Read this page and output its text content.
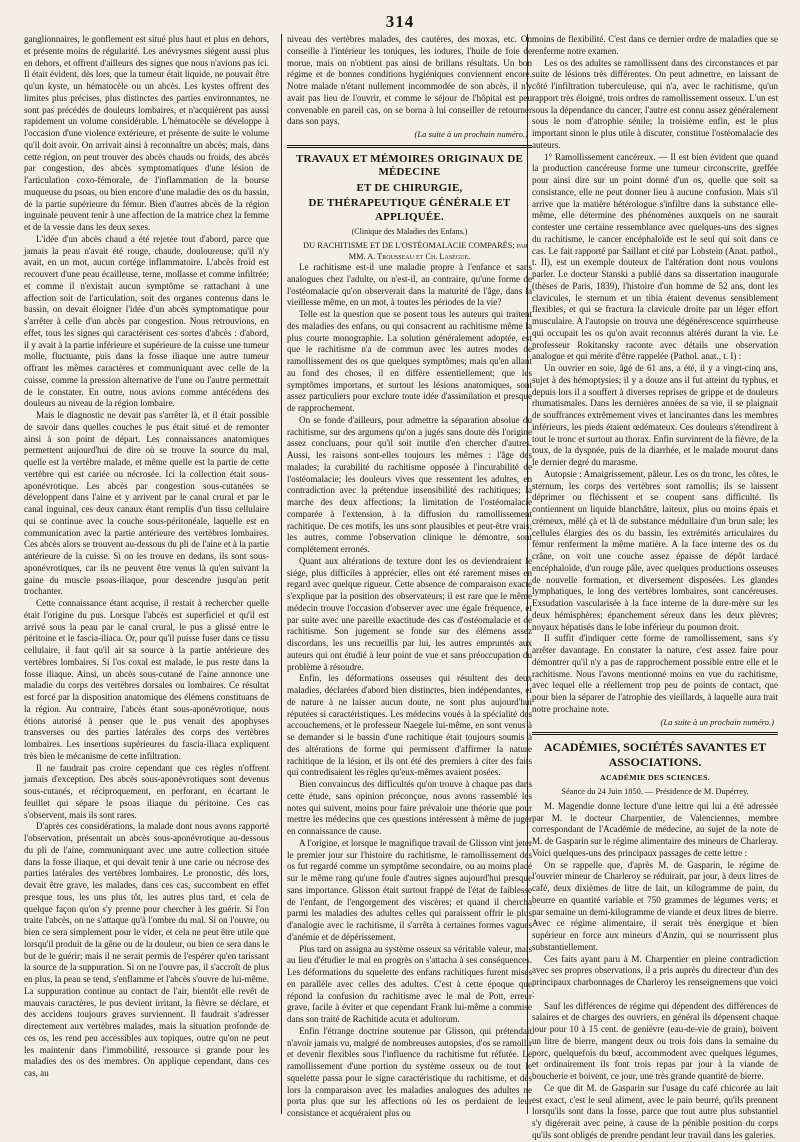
314

ganglionnaires, le gonflement est situé plus haut et plus en dehors, et présente moins de régularité. Les anévrysmes siégent aussi plus en dehors, et offrent d'ailleurs des signes que nous n'avions pas ici. Il était évident, dès lors, que la tumeur était liquide, ne pouvait être qu'un kyste, un hématocèle ou un abcès. Les kystes offrent des limites plus précises, plus distinctes des parties environnantes, ne sont pas précédés de douleurs lombaires, et n'acquièrent pas aussi rapidement un volume considérable. L'hématocèle se développe à l'occasion d'une violence extérieure, et présente de suite le volume qu'il doit avoir. On arrivait ainsi à reconnaître un abcès; mais, dans cette région, on peut trouver des abcès chauds ou froids, des abcès par congestion, des abcès symptomatiques d'une lésion de l'articulation coxo-fémorale, de l'inflammation de la bourse muqueuse du psoas, ou bien encore d'une maladie des os du bassin, de la partie supérieure du fémur. Bien d'autres abcès de la région inguinale peuvent tenir à une affection de la matrice chez la femme et de la vessie dans les deux sexes.

L'idée d'un abcès chaud a été rejetée tout d'abord, parce que jamais la peau n'avait été rouge, chaude, douloureuse; qu'il n'y avait, en un mot, aucun cortége inflammatoire. L'abcès froid est recouvert d'une peau écailleuse, terne, mollasse et comme infiltrée; et comme il n'existait aucun symptôme se rattachant à une affection soit de l'articulation, soit des organes contenus dans le bassin, on devait éloigner l'idée d'un abcès symptomatique pour s'arrêter à celle d'un abcès par congestion. Nous retrouvions, en effet, tous les signes qui caractérisent ces sortes d'abcès : d'abord, il y avait à la partie inférieure et supérieure de la cuisse une tumeur molle, fluctuante, puis dans la fosse iliaque une autre tumeur offrant les mêmes caractères et communiquant avec celle de la cuisse, comme la pression alternative de l'une ou l'autre permettait de le constater. En outre, nous avions comme antécédens des douleurs au niveau de la région lombaire.

Mais le diagnostic ne devait pas s'arrêter là, et il était possible de savoir dans quelles couches le pus était situé et de remonter ainsi à son point de départ. Les connaissances anatomiques permettent aujourd'hui de dire où se trouve la source du mal, quelle est la vertèbre malade, et même quelle est la partie de cette vertèbre qui est cariée ou nécrosée. Ici la collection était sous-aponévrotique. Les abcès par congestion sous-cutanées se développent dans l'aine et y arrivent par le canal crural et par le canal inguinal, ces deux canaux étant remplis d'un tissu cellulaire qui se continue avec la couche sous-péritonéale, laquelle est en communication avec la partie antérieure des vertèbres lombaires. Ces abcès alors se trouvent au-dessous du pli de l'aine et à la partie antérieure de la cuisse. Si on les trouve en dedans, ils sont sous-aponévrotiques, car ils ne peuvent être venus là qu'en suivant la gaine du muscle psoas-iliaque, pour descendre jusqu'au petit trochanter.

Cette connaissance étant acquise, il restait à rechercher quelle était l'origine du pus. Lorsque l'abcès est superficiel et qu'il est arrivé sous la peau par le canal crural, le pus a glissé entre le péritoine et le fascia-iliaca. Or, pour qu'il puisse fuser dans ce tissu cellulaire, il faut qu'il ait sa source à la partie antérieure des vertèbres lombaires. Si l'os coxal est malade, le pus reste dans la fosse iliaque. Ainsi, un abcès sous-cutané de l'aine annonce une maladie du corps des vertèbres dorsales ou lombaires. Ce résultat est forcé par la disposition anatomique des élémens constituans de la région. Au contraire, l'abcès étant sous-aponévrotique, nous étions autorisé à penser que le pus venait des apophyses transverses ou des parties latérales des corps des vertèbres lombaires. Les insertions supérieures du fascia-iliaca expliquent très bien le mécanisme de cette infiltration.

Il ne faudrait pas croire cependant que ces règles n'offrent jamais d'exception. Des abcès sous-aponévrotiques sont devenus sous-cutanés, et réciproquement, en perforant, en écartant le feuillet qui sépare le psoas iliaque du péritoine. Ces cas s'observent, mais ils sont rares.

D'après ces considérations, la malade dont nous avons rapporté l'observation, présentait un abcès sous-aponévrotique au-dessous du pli de l'aine, communiquant avec une autre collection située dans la fosse iliaque, et qui devait tenir à une carie ou nécrose des parties latérales des vertèbres lombaires. Le pronostic, dès lors, devait être grave, les malades, dans ces cas, succombent en effet presque tous, les uns plus tôt, les autres plus tard, et cela de quelque façon qu'on s'y prenne pour chercher à les guérir. Si l'on traite l'abcès, on ne s'attaque qu'à l'ombre du mal. Si on l'ouvre, ou bien ce sera simplement pour le vider, et cela ne peut être utile que lorsqu'il produit de la gêne ou de la douleur, ou bien ce sera dans le but de le guérir; mais il ne serait permis de l'espérer qu'en tarissant la source de la suppuration. Si on ne l'ouvre pas, il s'accroît de plus en plus, la peau se tend, s'enflamme et l'abcès s'ouvre de lui-même. La suppuration continue au contact de l'air, bientôt elle revêt de mauvais caractères, le pus devient irritant, la fièvre se déclare, et des accidens toujours graves surviennent. Il faudrait s'adresser directement aux vertèbres malades, mais la situation profonde de ces os, les rend peu accessibles aux topiques, outre qu'on ne peut les maintenir dans l'immobilité, ressource si grande pour les maladies des os des membres. On applique cependant, dans ces cas, au

niveau des vertèbres malades, des cautères, des moxas, etc. On conseille à l'intérieur les toniques, les iodures, l'huile de foie de morue, mais on n'obtient pas ainsi de brillans résultats. Un bon régime et de bonnes conditions hygiéniques conviennent encore. Notre malade n'étant nullement incommodée de son abcès, il n'y avait pas lieu de l'ouvrir, et comme le séjour de l'hôpital est peu convenable en pareil cas, on se borna à lui conseiller de retourner dans son pays.

(La suite à un prochain numéro.)
TRAVAUX ET MÉMOIRES ORIGINAUX DE MÉDECINE
ET DE CHIRURGIE,
DE THÉRAPEUTIQUE GÉNÉRALE ET APPLIQUÉE.
(Clinique des Maladies des Enfans.)

DU RACHITISME ET DE L'OSTÉOMALACIE COMPARÉS; par MM. A. Trousseau et Ch. Lasègue.

Le rachitisme est-il une maladie propre à l'enfance et sans analogues chez l'adulte, ou n'est-il, au contraire, qu'une forme de l'ostéomalacie qu'on observerait dans la maturité de l'âge, dans la vieillesse même, en un mot, à toutes les périodes de la vie?

Telle est la question que se posent tous les auteurs qui traitent des maladies des enfans, ou qui consacrent au rachitisme même la plus courte monographie. La solution généralement adoptée, est que le rachitisme n'a de commun avec les autres modes de ramollissement des os que quelques symptômes; mais qu'en allant au fond des choses, il en diffère essentiellement; que les symptômes importans, et surtout les lésions anatomiques, sont assez particuliers pour exclure toute idée d'assimilation et presque de rapprochement.

On se fonde d'ailleurs, pour admettre la séparation absolue du rachitisme, sur des argumens qu'on a jugés sans doute dès l'origine assez concluans, pour qu'il soit inutile d'en chercher d'autres. Aussi, les raisons sont-elles toujours les mêmes : l'âge des malades; la curabilité du rachitisme opposée à l'incurabilité de l'ostéomalacie; les douleurs vives que ressentent les adultes, en contradiction avec la prétendue insensibilité des rachitiques; la marche des deux affections; la limitation de l'ostéomalacie comparée à l'extension, à la diffusion du ramollissement rachitique. De ces motifs, les uns sont plausibles et peut-être vrais; les autres, comme l'observation clinique le démontre, sont complétement erronés.

Quant aux altérations de texture dont les os deviendraient le siége, plus difficiles à apprécier, elles ont été rarement mises en regard avec quelque rigueur. Cette absence de comparaison exacte s'explique par la position des observateurs; il est rare que le même médecin trouve l'occasion d'observer avec une égale fréquence, et par suite avec une pareille exactitude des cas d'ostéomalacie et de rachitisme. Son jugement se fonde sur des élémens assez discordans, les uns recueillis par lui, les autres empruntés aux auteurs qui ont étudié à leur point de vue et sans préoccupation du problème à résoudre.

Enfin, les déformations osseuses qui résultent des deux maladies, déclarées d'abord bien distinctes, bien indépendantes, et de nature à ne laisser aucun doute, ne sont plus aujourd'hui réputées si caractéristiques. Les médecins voués à la spécialité des accouchemens, et le professeur Naegele lui-même, en sont venus à se demander si le bassin d'une rachitique était toujours soumis à des altérations de forme qui permissent d'affirmer la nature rachitique de la lésion, et ils ont été des premiers à citer des faits qui contredisaient les règles qu'eux-mêmes avaient posées.

Bien convaincus des difficultés qu'on trouve à chaque pas dans cette étude, sans opinion préconçue, nous avons rassemblé les notes qui suivent, moins pour faire prévaloir une théorie que pour mettre les médecins que ces questions intéressent à même de juger en connaissance de cause.

A l'origine, et lorsque le magnifique travail de Glisson vint jeter le premier jour sur l'histoire du rachitisme, le ramollissement des os fut regardé comme un symptôme secondaire, ou au moins placé sur le même rang qu'une foule d'autres signes aujourd'hui presque sans importance. Glisson était surtout frappé de l'état de faiblesse de l'enfant, de l'engorgement des viscères; et quand il chercha parmi les maladies des adultes celles qui paraissent offrir le plus d'analogie avec le rachitisme, il s'arrêta à certaines formes vagues d'anémie et de dépérissement.

Plus tard on assigna au système osseux sa véritable valeur, mais au lieu d'étudier le mal en progrès on s'attacha à ses conséquences. Les déformations du squelette des enfans rachitiques furent mises en parallèle avec celles des adultes. C'est à cette époque que répond la confusion du rachitisme avec le mal de Pott, erreur grave, facile à éviter et que cependant Frank lui-même a commise dans son traité de Rachitide acuta et adultorum.

Enfin l'étrange doctrine soutenue par Glisson, qui prétendait n'avoir jamais vu, malgré de nombreuses autopsies, d'os se ramollir et devenir flexibles sous l'influence du rachitisme fut réfutée. Le ramollissement d'une portion du système osseux ou de tout le squelette passa pour le signe caractéristique du rachitisme, et dès lors la comparaison avec les maladies analogues des adultes ne porta plus que sur les affections où les os perdaient de leur consistance et acquéraient plus ou

moins de flexibilité. C'est dans ce dernier ordre de maladies que se renferme notre examen.

Les os des adultes se ramollissent dans des circonstances et par suite de lésions très différentes. On peut admettre, en laissant de côté l'infiltration tuberculeuse, qui n'a, avec le rachitisme, qu'un rapport très éloigné, trois ordres de ramollissement osseux. L'un est sous la dépendance du cancer, l'autre est connu assez généralement sous le nom d'atrophie sénile; la troisième enfin, est le plus important sinon le plus utile à discuter, constitue l'ostéomalacie des auteurs.

1° Ramollissement cancéreux. — Il est bien évident que quand la production cancéreuse forme une tumeur circonscrite, greffée pour ainsi dire sur un point donné d'un os, quelle que soit sa consistance, elle ne peut donner lieu à aucune confusion. Mais s'il arrive que la matière hétérologue s'infiltre dans la substance elle-même, elle détermine des phénomènes auxquels on ne saurait contester une certaine ressemblance avec quelques-uns des signes du rachitisme, le cancer encéphaloïde est le seul qui soit dans ce cas. Le fait rapporté par Saillant et cité par Lobstein (Anat. pathol., t. II), est un exemple douteux de l'altération dont nous voulons parler. Le docteur Stanski a publié dans sa dissertation inaugurale (thèses de Paris, 1839), l'histoire d'un homme de 52 ans, dont les clavicules, le sternum et un tibia étaient devenus sensiblement flexibles, et qui se fractura la clavicule droite par un léger effort musculaire. A l'autopsie on trouva une dégénérescence squirrheuse qui occupait les os qu'on avait reconnus altérés durant la vie. Le professeur Rokitansky raconte avec détails une observation analogue et qui mérite d'être rappelée (Pathol. anat., t. I) :

Un ouvrier en soie, âgé de 61 ans, a été, il y a vingt-cinq ans, sujet à des hémoptysies; il y a douze ans il fut atteint du typhus, et depuis lors il a souffert à diverses reprises de grippe et de douleurs rhumatismales. Dans les dernières années de sa vie, il se plaignait de souffrances extrêmement vives et lancinantes dans les membres inférieurs, les pieds étaient œdémateux. Ces douleurs s'étendirent à tout le tronc et surtout au thorax. Enfin survinrent de la fièvre, de la toux, de la dyspnée, puis de la diarrhée, et le malade mourut dans le dernier degré du marasme.

Autopsie : Amaigrissement, pâleur. Les os du tronc, les côtes, le sternum, les corps des vertèbres sont ramollis; ils se laissent déprimer ou fléchissent et se coupent sans difficulté. Ils contiennent un liquide blanchâtre, laiteux, plus ou moins épais et crémeux, mêlé çà et là de substance médullaire d'un brun sale; les cellules élargies des os du bassin, les extrémités articulaires du fémur renferment la même matière. A la face interne des os du crâne, on voit une couche assez épaisse de dépôt lardacé encéphaloïde, d'un rouge pâle, avec quelques productions osseuses de nouvelle formation, et diversement disposées. Les glandes lymphatiques, le long des vertèbres lombaires, sont cancéreuses. Exsudation vascularisée à la face interne de la dure-mère sur les deux hémisphères; épanchement séreux dans les deux plèvres; noyaux hépatisés dans le lobe inférieur du poumon droit.

Il suffit d'indiquer cette forme de ramollissement, sans s'y arrêter davantage. En constater la nature, c'est assez faire pour démontrer qu'il n'y a pas de rapprochement possible entre elle et le rachitisme. Nous l'avons mentionné moins en vue du rachitisme, avec lequel elle a réellement trop peu de points de contact, que pour bien la séparer de l'atrophie des vieillards, à laquelle aura trait notre prochaine note.

(La suite à un prochain numéro.)
ACADÉMIES, SOCIÉTÉS SAVANTES ET ASSOCIATIONS.
ACADÉMIE DES SCIENCES.
Séance du 24 Juin 1850. — Présidence de M. Dupérrey.

M. Magendie donne lecture d'une lettre qui lui a été adressée par M. le docteur Charpentier, de Valenciennes, membre correspondant de l'Académie de médecine, au sujet de la note de M. de Gasparin sur le régime alimentaire des mineurs de Charleray. Voici quelques-uns des principaux passages de cette lettre :

On se rappelle que, d'après M. de Gasparin, le régime de l'ouvrier mineur de Charleroy se réduirait, par jour, à deux litres de café, deux dixièmes de litre de lait, un kilogramme de pain, du beurre en quantité variable et 750 grammes de légumes verts; et par semaine un demi-kilogramme de viande et deux litres de bierre. Avec ce régime alimentaire, il serait très énergique et bien supérieur en force aux mineurs d'Anzin, qui se nourrissent plus substantiellement.

Ces faits ayant paru à M. Charpentier en pleine contradiction avec ses propres observations, il a pris auprès du directeur d'un des principaux charbonnages de Charleroy les renseignemens que voici :

Sauf les différences de régime qui dépendent des différences de salaires et de charges des ouvriers, en général ils dépensent chaque jour pour 10 à 15 cent. de genièvre (eau-de-vie de grain), boivent un litre de bierre, mangent deux ou trois fois dans la semaine du porc, quelquefois du bœuf, accommodent avec quelques légumes, et ordinairement ils font trois repas par jour à la viande de boucherie et boivent, ce jour, une très grande quantité de bierre.

Ce que dit M. de Gasparin sur l'usage du café chicorée au lait est exact, c'est le seul aliment, avec le pain beurré, qu'ils prennent lorsqu'ils sont dans la fosse, parce que tout autre plus substantiel s'y digérerait avec peine, à cause de la pénible position du corps qu'ils sont obligés de prendre pendant leur travail dans les galeries.
